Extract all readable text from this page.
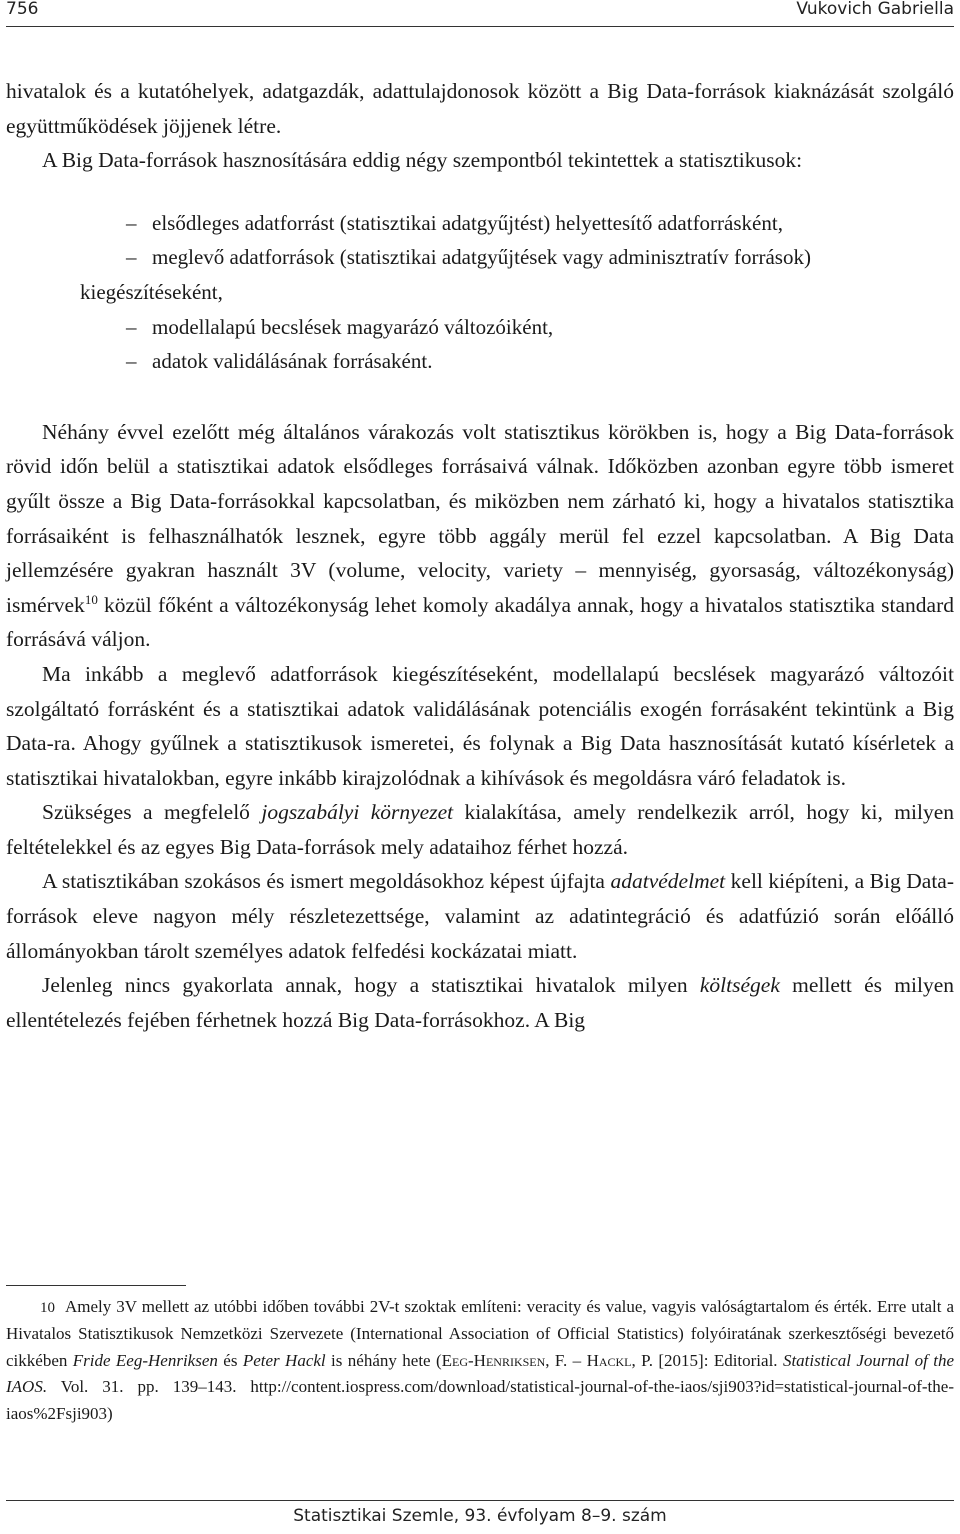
756	Vukovich Gabriella

hivatalok és a kutatóhelyek, adatgazdák, adattulajdonosok között a Big Data-források kiaknázását szolgáló együttműködések jöjjenek létre.

A Big Data-források hasznosítására eddig négy szempontból tekintettek a statisztikusok:

– elsődleges adatforrást (statisztikai adatgyűjtést) helyettesítő adatforrásként,

– meglevő adatforrások (statisztikai adatgyűjtések vagy adminisztratív források) kiegészítéseként,

– modellalapú becslések magyarázó változóiként,

– adatok validálásának forrásaként.

Néhány évvel ezelőtt még általános várakozás volt statisztikus körökben is, hogy a Big Data-források rövid időn belül a statisztikai adatok elsődleges forrásaivá válnak. Időközben azonban egyre több ismeret gyűlt össze a Big Data-forrásokkal kapcsolatban, és miközben nem zárható ki, hogy a hivatalos statisztika forrásaiként is felhasználhatók lesznek, egyre több aggály merül fel ezzel kapcsolatban. A Big Data jellemzésére gyakran használt 3V (volume, velocity, variety – mennyiség, gyorsaság, változékonyság) ismérvek$^{10}$ közül főként a változékonyság lehet komoly akadálya annak, hogy a hivatalos statisztika standard forrásává váljon.

Ma inkább a meglevő adatforrások kiegészítéseként, modellalapú becslések magyarázó változóit szolgáltató forrásként és a statisztikai adatok validálásának potenciális exogén forrásaként tekintünk a Big Data-ra. Ahogy gyűlnek a statisztikusok ismeretei, és folynak a Big Data hasznosítását kutató kísérletek a statisztikai hivatalokban, egyre inkább kirajzolódnak a kihívások és megoldásra váró feladatok is.

Szükséges a megfelelő jogszabályi környezet kialakítása, amely rendelkezik arról, hogy ki, milyen feltételekkel és az egyes Big Data-források mely adataihoz férhet hozzá.

A statisztikában szokásos és ismert megoldásokhoz képest újfajta adatvédelmet kell kiépíteni, a Big Data-források eleve nagyon mély részletezettsége, valamint az adatintegráció és adatfúzió során előálló állományokban tárolt személyes adatok felfedési kockázatai miatt.

Jelenleg nincs gyakorlata annak, hogy a statisztikai hivatalok milyen költségek mellett és milyen ellentételezés fejében férhetnek hozzá Big Data-forrásokhoz. A Big

10 Amely 3V mellett az utóbbi időben további 2V-t szoktak említeni: veracity és value, vagyis valóságtartalom és érték. Erre utalt a Hivatalos Statisztikusok Nemzetközi Szervezete (International Association of Official Statistics) folyóiratának szerkesztőségi bevezető cikkében Fride Eeg-Henriksen és Peter Hackl is néhány hete (Eeg-Henriksen, F. – Hackl, P. [2015]: Editorial. Statistical Journal of the IAOS. Vol. 31. pp. 139–143. http://content.iospress.com/download/statistical-journal-of-the-iaos/sji903?id=statistical-journal-of-the-iaos%2Fsji903)
Statisztikai Szemle, 93. évfolyam 8–9. szám
